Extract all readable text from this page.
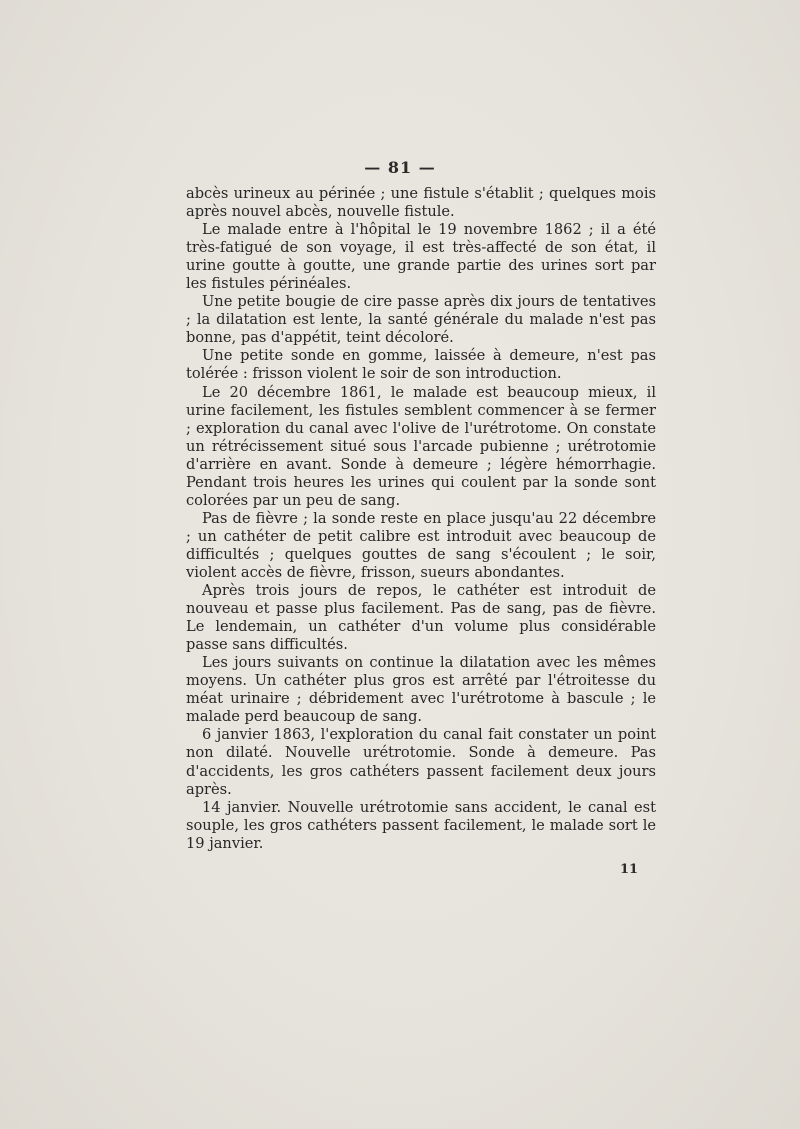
— 81 —

abcès urineux au périnée ; une fistule s'établit ; quelques mois après nouvel abcès, nouvelle fistule.

Le malade entre à l'hôpital le 19 novembre 1862 ; il a été très-fatigué de son voyage, il est très-affecté de son état, il urine goutte à goutte, une grande partie des urines sort par les fistules périnéales.

Une petite bougie de cire passe après dix jours de tentatives ; la dilatation est lente, la santé générale du malade n'est pas bonne, pas d'appétit, teint décoloré.

Une petite sonde en gomme, laissée à demeure, n'est pas tolérée : frisson violent le soir de son introduction.

Le 20 décembre 1861, le malade est beaucoup mieux, il urine facilement, les fistules semblent commencer à se fermer ; exploration du canal avec l'olive de l'urétrotome. On constate un rétrécissement situé sous l'arcade pubienne ; urétrotomie d'arrière en avant. Sonde à demeure ; légère hémorrhagie. Pendant trois heures les urines qui coulent par la sonde sont colorées par un peu de sang.

Pas de fièvre ; la sonde reste en place jusqu'au 22 décembre ; un cathéter de petit calibre est introduit avec beaucoup de difficultés ; quelques gouttes de sang s'écoulent ; le soir, violent accès de fièvre, frisson, sueurs abondantes.

Après trois jours de repos, le cathéter est introduit de nouveau et passe plus facilement. Pas de sang, pas de fièvre. Le lendemain, un cathéter d'un volume plus considérable passe sans difficultés.

Les jours suivants on continue la dilatation avec les mêmes moyens. Un cathéter plus gros est arrêté par l'étroitesse du méat urinaire ; débridement avec l'urétrotome à bascule ; le malade perd beaucoup de sang.

6 janvier 1863, l'exploration du canal fait constater un point non dilaté. Nouvelle urétrotomie. Sonde à demeure. Pas d'accidents, les gros cathéters passent facilement deux jours après.

14 janvier. Nouvelle urétrotomie sans accident, le canal est souple, les gros cathéters passent facilement, le malade sort le 19 janvier.

11
